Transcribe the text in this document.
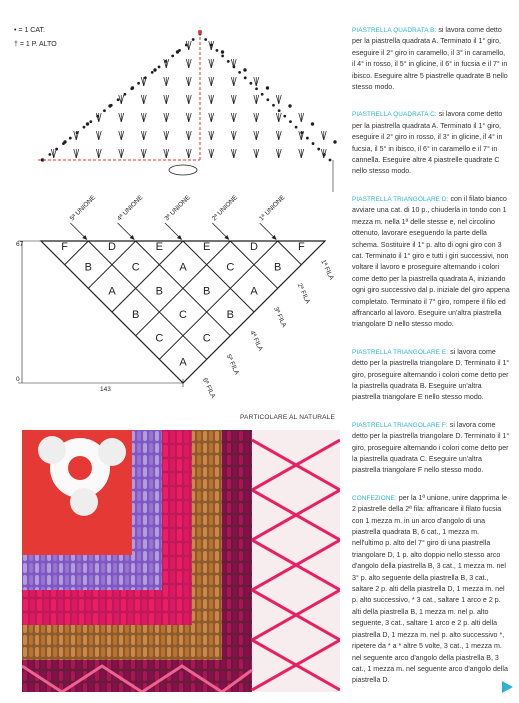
• = 1 CAT.
† = 1 P. ALTO
F	D	E	E	D	F
B	C	A	C	B
A	B	B	A
B	C	B
C	C
A
5ª UNIONE	4ª UNIONE	3ª UNIONE	2ª UNIONE	1ª UNIONE
1ª FILA
2ª FILA
3ª FILA
4ª FILA
5ª FILA
6ª FILA
67
0
143
PARTICOLARE AL NATURALE

PIASTRELLA QUADRATA B: si lavora come detto per la piastrella quadrata A. Terminato il 1° giro, eseguire il 2° giro in caramello, il 3° in caramello, il 4° in rosso, il 5° in glicine, il 6° in fucsia e il 7° in ibisco. Eseguire altre 5 piastrelle quadrate B nello stesso modo.

PIASTRELLA QUADRATA C: si lavora come detto per la piastrella quadrata A. Terminato il 1° giro, eseguire il 2° giro in rosso, il 3° in glicine, il 4° in fucsia, il 5° in ibisco, il 6° in caramello e il 7° in cannella. Eseguire altre 4 piastrelle quadrate C nello stesso modo.

PIASTRELLA TRIANGOLARE D: con il filato bianco avviare una cat. di 10 p., chiuderla in tondo con 1 mezza m. nella 1ª delle stesse e, nel circolino ottenuto, lavorare eseguendo la parte della schema. Sostituire il 1° p. alto di ogni giro con 3 cat. Terminato il 1° giro e tutti i giri successivi, non voltare il lavoro e proseguire alternando i colori come detto per la piastrella quadrata A, iniziando ogni giro successivo dal p. iniziale del giro appena completato. Terminato il 7° giro, rompere il filo ed affrancarlo al lavoro. Eseguire un'altra piastrella triangolare D nello stesso modo.

PIASTRELLA TRIANGOLARE E: si lavora come detto per la piastrella triangolare D. Terminato il 1° giro, proseguire alternando i colori come detto per la piastrella quadrata B. Eseguire un'altra piastrella triangolare E nello stesso modo.

PIASTRELLA TRIANGOLARE F: si lavora come detto per la piastrella triangolare D. Terminato il 1° giro, proseguire alternando i colori come detto per la piastrella quadrata C. Eseguire un'altra piastrella triangolare F nello stesso modo.

CONFEZIONE: per la 1ª unione, unire dapprima le 2 piastrelle della 2ª fila: affrancare il filato fucsia con 1 mezza m. in un arco d'angolo di una piastrella quadrata B, 6 cat., 1 mezza m. nell'ultimo p. alto del 7° giro di una piastrella triangolare D, 1 p. alto doppio nello stesso arco d'angolo della piastrella B, 3 cat., 1 mezza m. nel 3° p. alto seguente della piastrella B, 3 cat., saltare 2 p. alti della piastrella D, 1 mezza m. nel p. alto successivo, * 3 cat., saltare 1 arco e 2 p. alti della piastrella B, 1 mezza m. nel p. alto seguente, 3 cat., saltare 1 arco e 2 p. alti della piastrella D, 1 mezza m. nel p. alto successivo *, ripetere da * a * altre 5 volte, 3 cat., 1 mezza m. nel seguente arco d'angolo della piastrella B, 3 cat., 1 mezza m. nel seguente arco d'angolo della piastrella D.
